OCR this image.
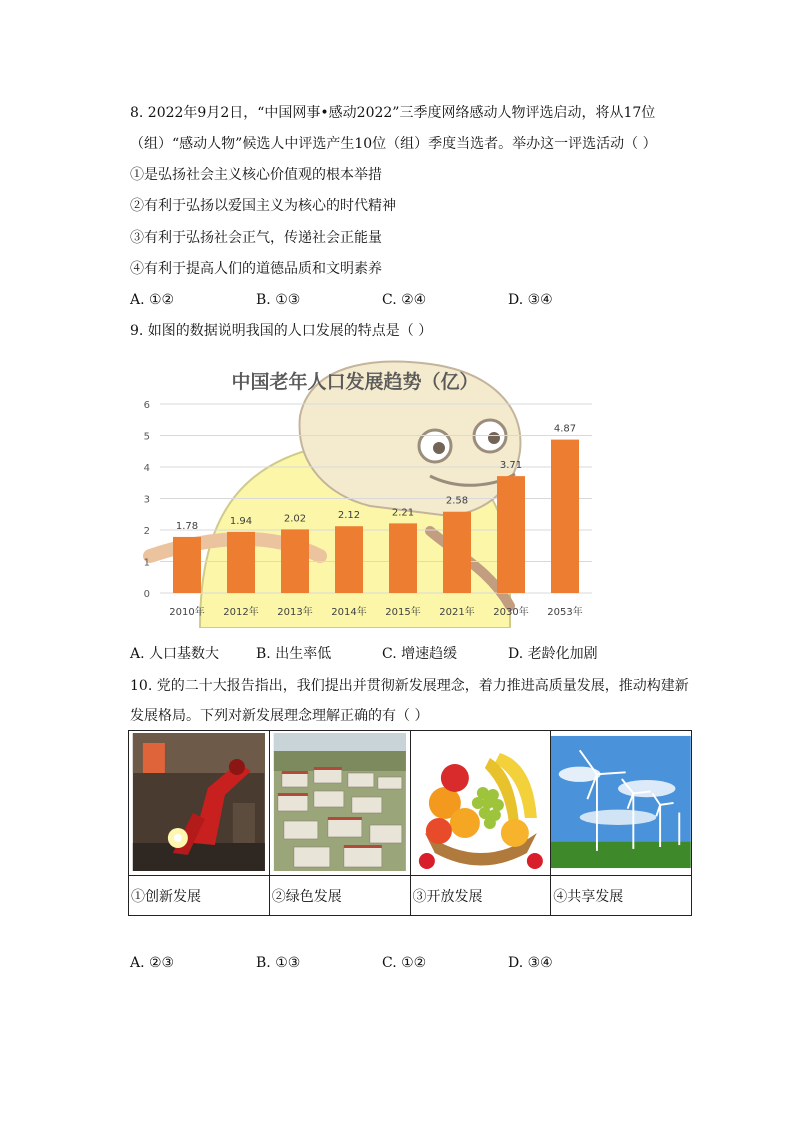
8. 2022年9月2日，“中国网事•感动2022”三季度网络感动人物评选启动，将从17位
（组）“感动人物”候选人中评选产生10位（组）季度当选者。举办这一评选活动（ ）
①是弘扬社会主义核心价值观的根本举措
②有利于弘扬以爱国主义为核心的时代精神
③有利于弘扬社会正气，传递社会正能量
④有利于提高人们的道德品质和文明素养
A. ①②	B. ①③	C. ②④	D. ③④
9. 如图的数据说明我国的人口发展的特点是（ ）
中国老年人口发展趋势（亿）
0
1
2
3
4
5
6
1.78	1.94	2.02	2.12	2.21
2.58
3.71
4.87
2010年 2012年 2013年 2014年 2015年 2021年 2030年 2053年
A. 人口基数大	B. 出生率低	C. 增速趋缓	D. 老龄化加剧
10. 党的二十大报告指出，我们提出并贯彻新发展理念，着力推进高质量发展，推动构建新
发展格局。下列对新发展理念理解正确的有（ ）

①创新发展	②绿色发展	③开放发展	④共享发展
A. ②③	B. ①③	C. ①②	D. ③④
